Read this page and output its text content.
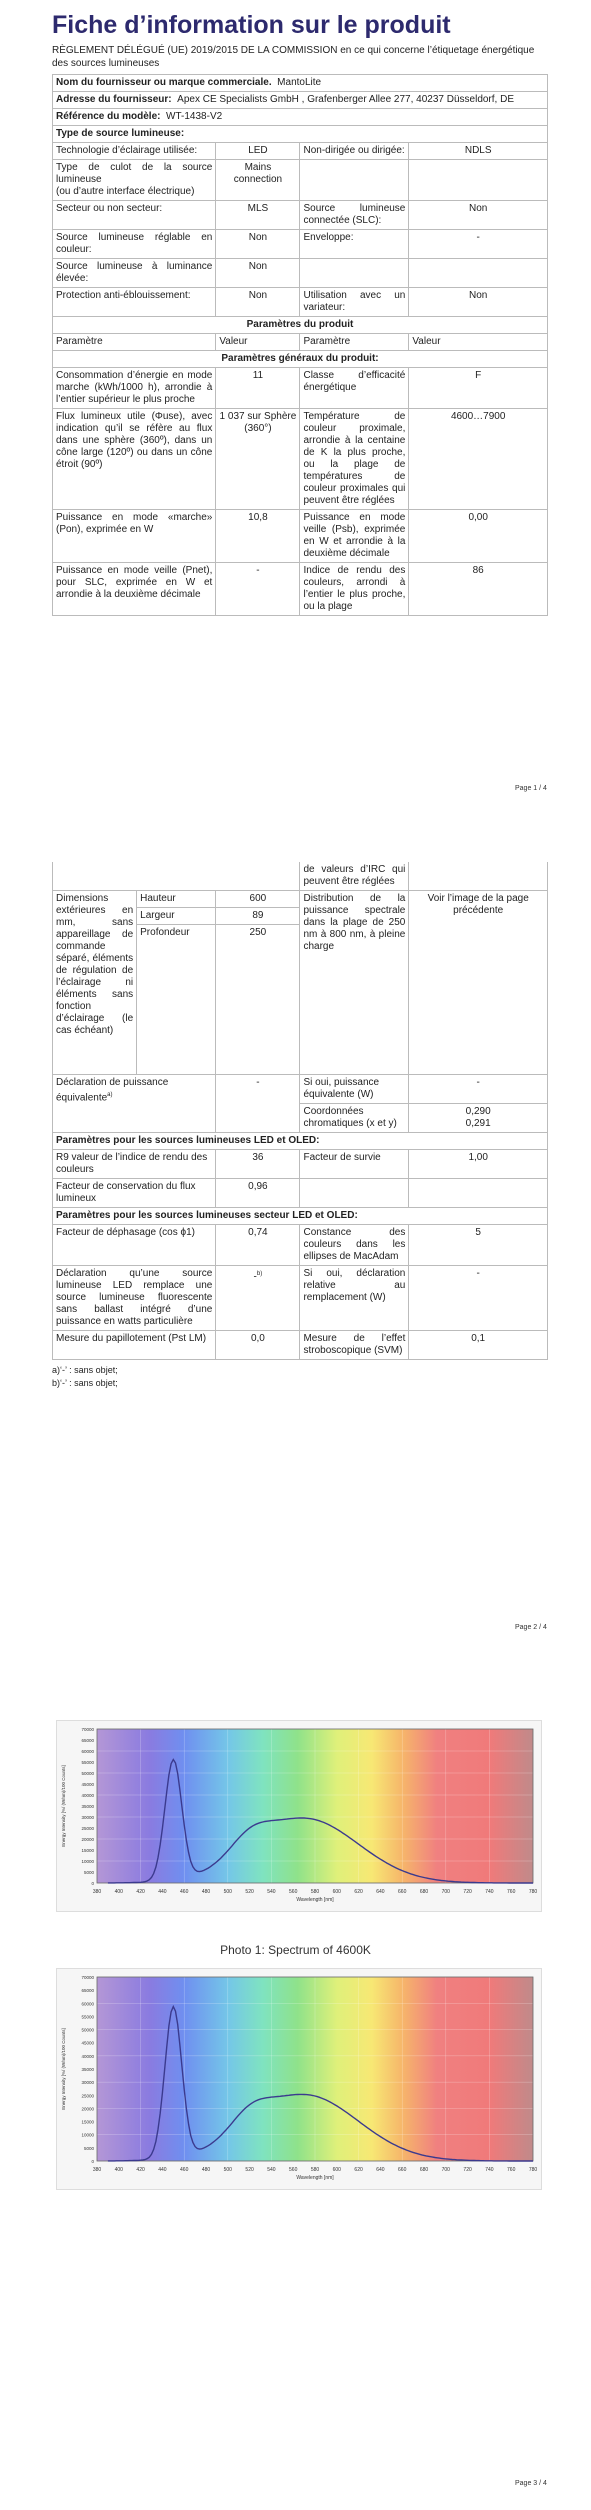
Fiche d’information sur le produit
RÈGLEMENT DÉLÉGUÉ (UE) 2019/2015 DE LA COMMISSION en ce qui concerne l’étiquetage énergétique des sources lumineuses
Nom du fournisseur ou marque commerciale. MantoLite			
Adresse du fournisseur: Apex CE Specialists GmbH , Grafenberger Allee 277, 40237 Düsseldorf, DE			
Référence du modèle: WT-1438-V2			
Type de source lumineuse:			
Technologie d’éclairage utilisée:	LED	Non-dirigée ou dirigée:	NDLS
Type de culot de la source lumineuse
(ou d’autre interface électrique)	Mains connection		
Secteur ou non secteur:	MLS	Source lumineuse connectée (SLC):	Non
Source lumineuse réglable en couleur:	Non	Enveloppe:	-
Source lumineuse à luminance élevée:	Non		
Protection anti-éblouissement:	Non	Utilisation avec un variateur:	Non
Paramètres du produit			
Paramètre	Valeur	Paramètre	Valeur
Paramètres généraux du produit:			
Consommation d’énergie en mode marche (kWh/1000 h), arrondie à l’entier supérieur le plus proche	11	Classe d’efficacité énergétique	F
Flux lumineux utile (Φuse), avec indication qu’il se réfère au flux dans une sphère (360º), dans un cône large (120º) ou dans un cône étroit (90º)	1 037 sur Sphère (360°)	Température de couleur proximale, arrondie à la centaine de K la plus proche, ou la plage de températures de couleur proximales qui peuvent être réglées	4600…7900
Puissance en mode «marche» (Pon), exprimée en W	10,8	Puissance en mode veille (Psb), exprimée en W et arrondie à la deuxième décimale	0,00
Puissance en mode veille (Pnet), pour SLC, exprimée en W et arrondie à la deuxième décimale	-	Indice de rendu des couleurs, arrondi à l’entier le plus proche, ou la plage	86
Page 1 / 4
			de valeurs d’IRC qui peuvent être réglées	
Dimensions extérieures en mm, sans appareillage de commande séparé, éléments de régulation de l’éclairage ni éléments sans fonction d’éclairage (le cas échéant)	Hauteur	600	Distribution de la puissance spectrale dans la plage de 250 nm à 800 nm, à pleine charge	Voir l’image de la page précédente
	Largeur	89		
	Profondeur	250		
Déclaration de puissance équivalente$^{a)}$		-	Si oui, puissance équivalente (W)	-
			Coordonnées chromatiques (x et y)	0,290
0,291

Paramètres pour les sources lumineuses LED et OLED:				
R9 valeur de l’indice de rendu des couleurs		36	Facteur de survie	1,00
Facteur de conservation du flux lumineux		0,96		
Paramètres pour les sources lumineuses secteur LED et OLED:				
Facteur de déphasage (cos ϕ1)		0,74	Constance des couleurs dans les ellipses de MacAdam	5
Déclaration qu’une source lumineuse LED remplace une source lumineuse fluorescente sans ballast intégré d’une puissance en watts particulière		-$^{b)}$	Si oui, déclaration relative au remplacement (W)	-
Mesure du papillotement (Pst LM)		0,0	Mesure de l’effet stroboscopique (SVM)	0,1
a)‘-’ : sans objet;
b)‘-’ : sans objet;
Page 2 / 4
380	400	420	440	460	480	500	520	540	560	580	600	620	640	660	680	700	720	740	760	780
0
5000
10000
15000
20000
25000
30000
35000
40000
45000
50000
55000
60000
65000
70000
Wavelength [nm]
Energy Intensity [%/ (W/nm)/100 Counts]
Photo 1: Spectrum of 4600K
380	400	420	440	460	480	500	520	540	560	580	600	620	640	660	680	700	720	740	760	780
0
5000
10000
15000
20000
25000
30000
35000
40000
45000
50000
55000
60000
65000
70000
Wavelength [nm]
Energy Intensity [%/ (W/nm)/100 Counts]
Page 3 / 4
